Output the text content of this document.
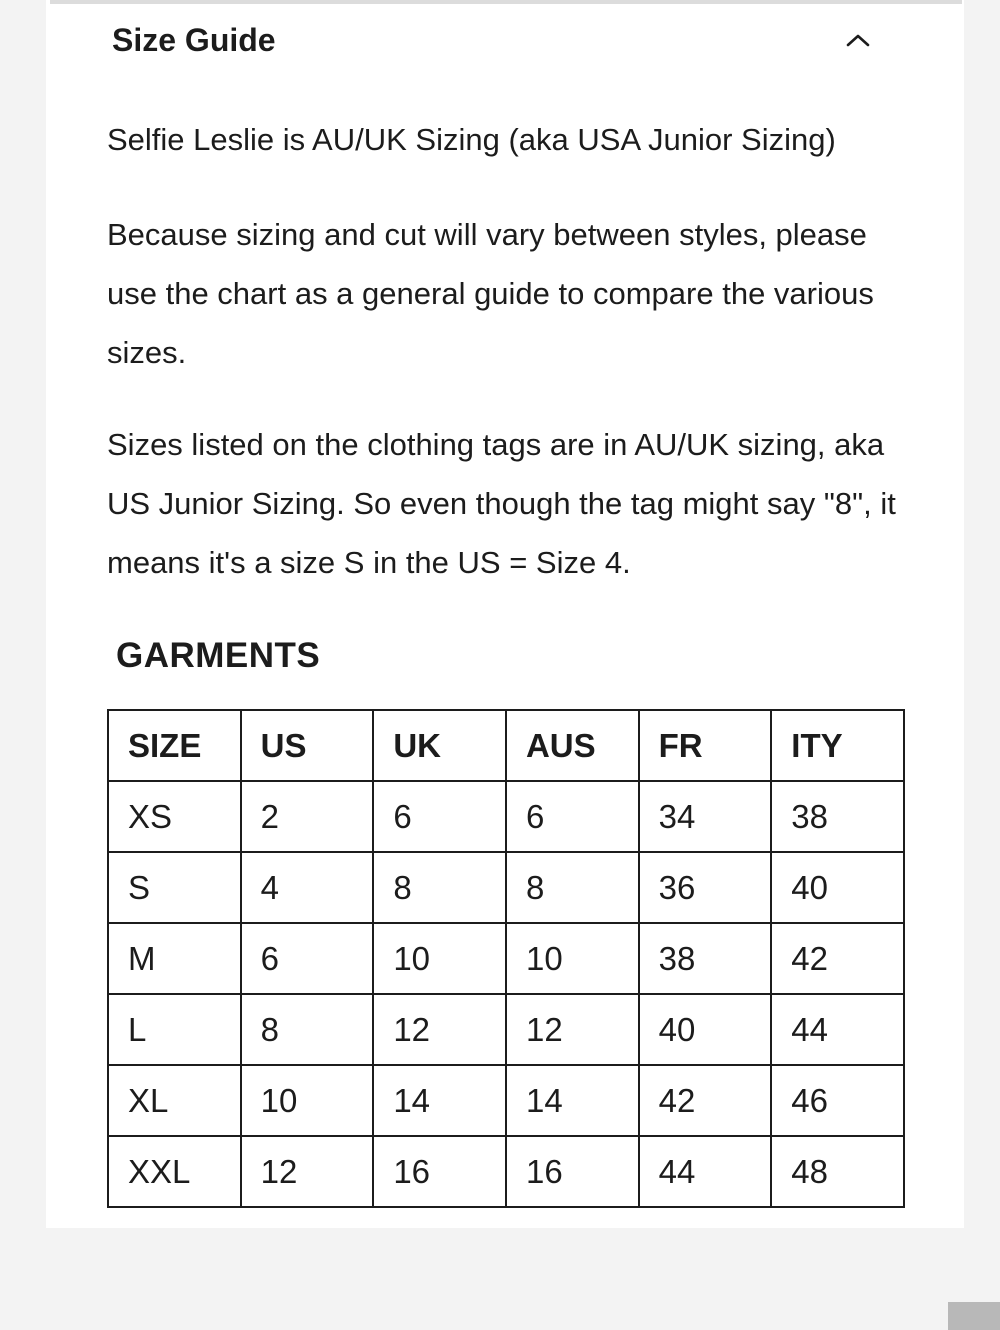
Size Guide

Selfie Leslie is AU/UK Sizing (aka USA Junior Sizing)

Because sizing and cut will vary between styles, please use the chart as a general guide to compare the various sizes.

Sizes listed on the clothing tags are in AU/UK sizing, aka US Junior Sizing. So even though the tag might say "8", it means it's a size S in the US = Size 4.

GARMENTS
SIZE	US	UK	AUS	FR	ITY
XS	2	6	6	34	38
S	4	8	8	36	40
M	6	10	10	38	42
L	8	12	12	40	44
XL	10	14	14	42	46
XXL	12	16	16	44	48
